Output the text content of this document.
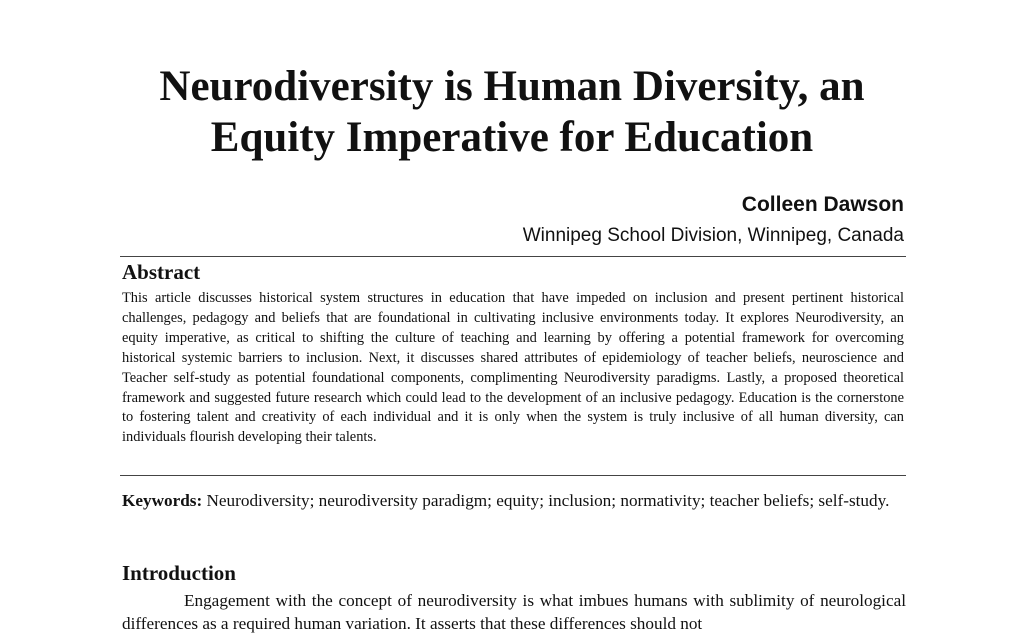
Neurodiversity is Human Diversity, an
Equity Imperative for Education

Colleen Dawson

Winnipeg School Division, Winnipeg, Canada

Abstract

This article discusses historical system structures in education that have impeded on inclusion and present pertinent historical challenges, pedagogy and beliefs that are foundational in cultivating inclusive environments today. It explores Neurodiversity, an equity imperative, as critical to shifting the culture of teaching and learning by offering a potential framework for overcoming historical systemic barriers to inclusion. Next, it discusses shared attributes of epidemiology of teacher beliefs, neuroscience and Teacher self-study as potential foundational components, complimenting Neurodiversity paradigms. Lastly, a proposed theoretical framework and suggested future research which could lead to the development of an inclusive pedagogy. Education is the cornerstone to fostering talent and creativity of each individual and it is only when the system is truly inclusive of all human diversity, can individuals flourish developing their talents.

Keywords: Neurodiversity; neurodiversity paradigm; equity; inclusion; normativity; teacher beliefs; self-study.
Introduction

Engagement with the concept of neurodiversity is what imbues humans with sublimity of neurological differences as a required human variation. It asserts that these differences should not
